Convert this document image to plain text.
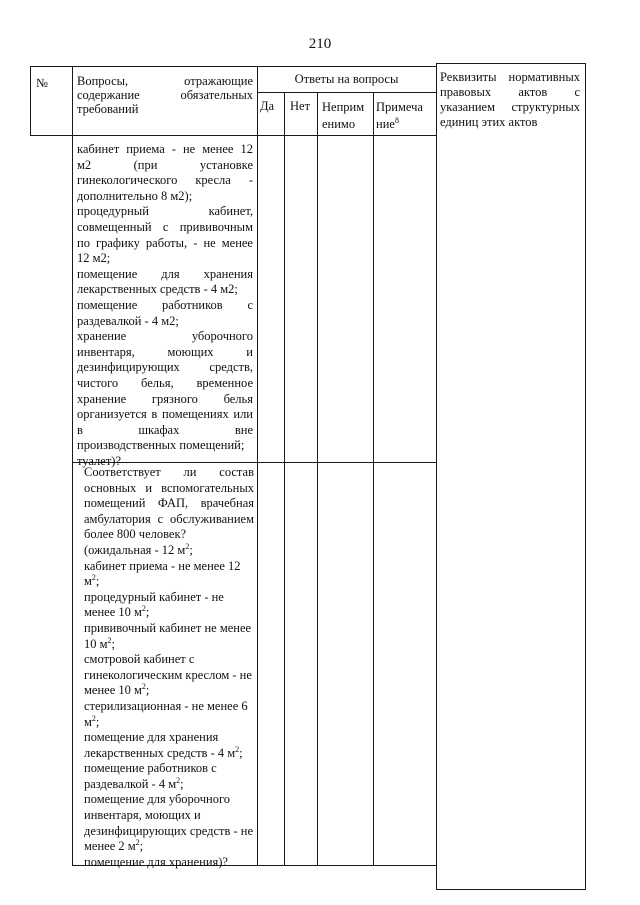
210
№ Вопросы, отражающие
содержание обязательных
требований
Ответы на вопросы
Да Нет Неприм
енимо
Примеча
ние$^8$
Реквизиты нормативных
правовых актов с
указанием структурных
единиц этих актов
кабинет приема - не менее 12
м2 (при установке
гинекологического кресла -
дополнительно 8 м2);
процедурный кабинет,
совмещенный с прививочным
по графику работы, - не менее
12 м2;
помещение для хранения
лекарственных средств - 4 м2;
помещение работников с
раздевалкой - 4 м2;
хранение уборочного
инвентаря, моющих и
дезинфицирующих средств,
чистого белья, временное
хранение грязного белья
организуется в помещениях или
в шкафах вне
производственных помещений;
туалет)?
Соответствует ли состав
основных и вспомогательных
помещений ФАП, врачебная
амбулатория с обслуживанием
более 800 человек?
(ожидальная - 12 $м^2$;
кабинет приема - не менее 12
$м^2$;
процедурный кабинет - не
менее 10 $м^2$;
прививочный кабинет не менее
10 $м^2$;
смотровой кабинет с
гинекологическим креслом - не
менее 10 $м^2$;
стерилизационная - не менее 6
$м^2$;
помещение для хранения
лекарственных средств - 4 $м^2$;
помещение работников с
раздевалкой - 4 $м^2$;
помещение для уборочного
инвентаря, моющих и
дезинфицирующих средств - не
менее 2 $м^2$;
помещение для хранения)?
